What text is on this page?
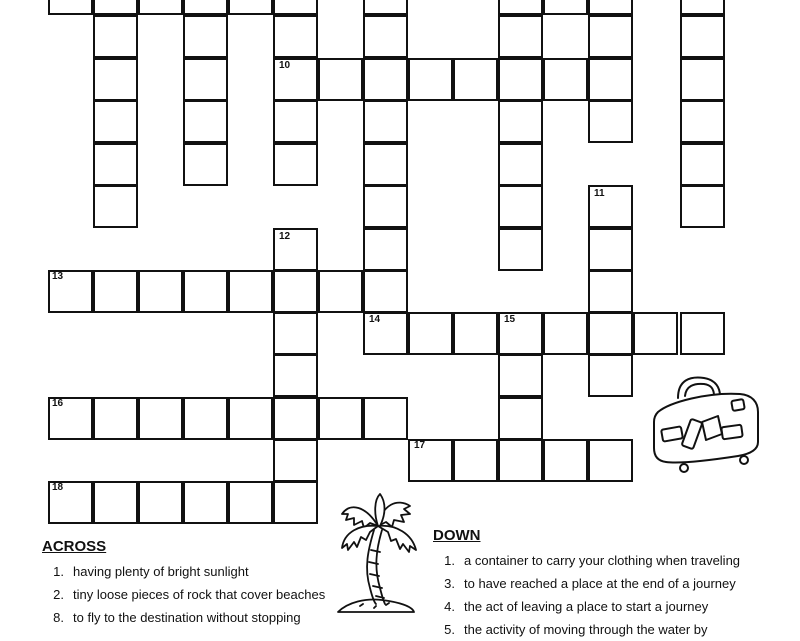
10
11
12
13
14	15
16
17
18
ACROSS
1. having plenty of bright sunlight
2. tiny loose pieces of rock that cover beaches
8. to fly to the destination without stopping
DOWN
1. a container to carry your clothing when traveling
3. to have reached a place at the end of a journey
4. the act of leaving a place to start a journey
5. the activity of moving through the water by
